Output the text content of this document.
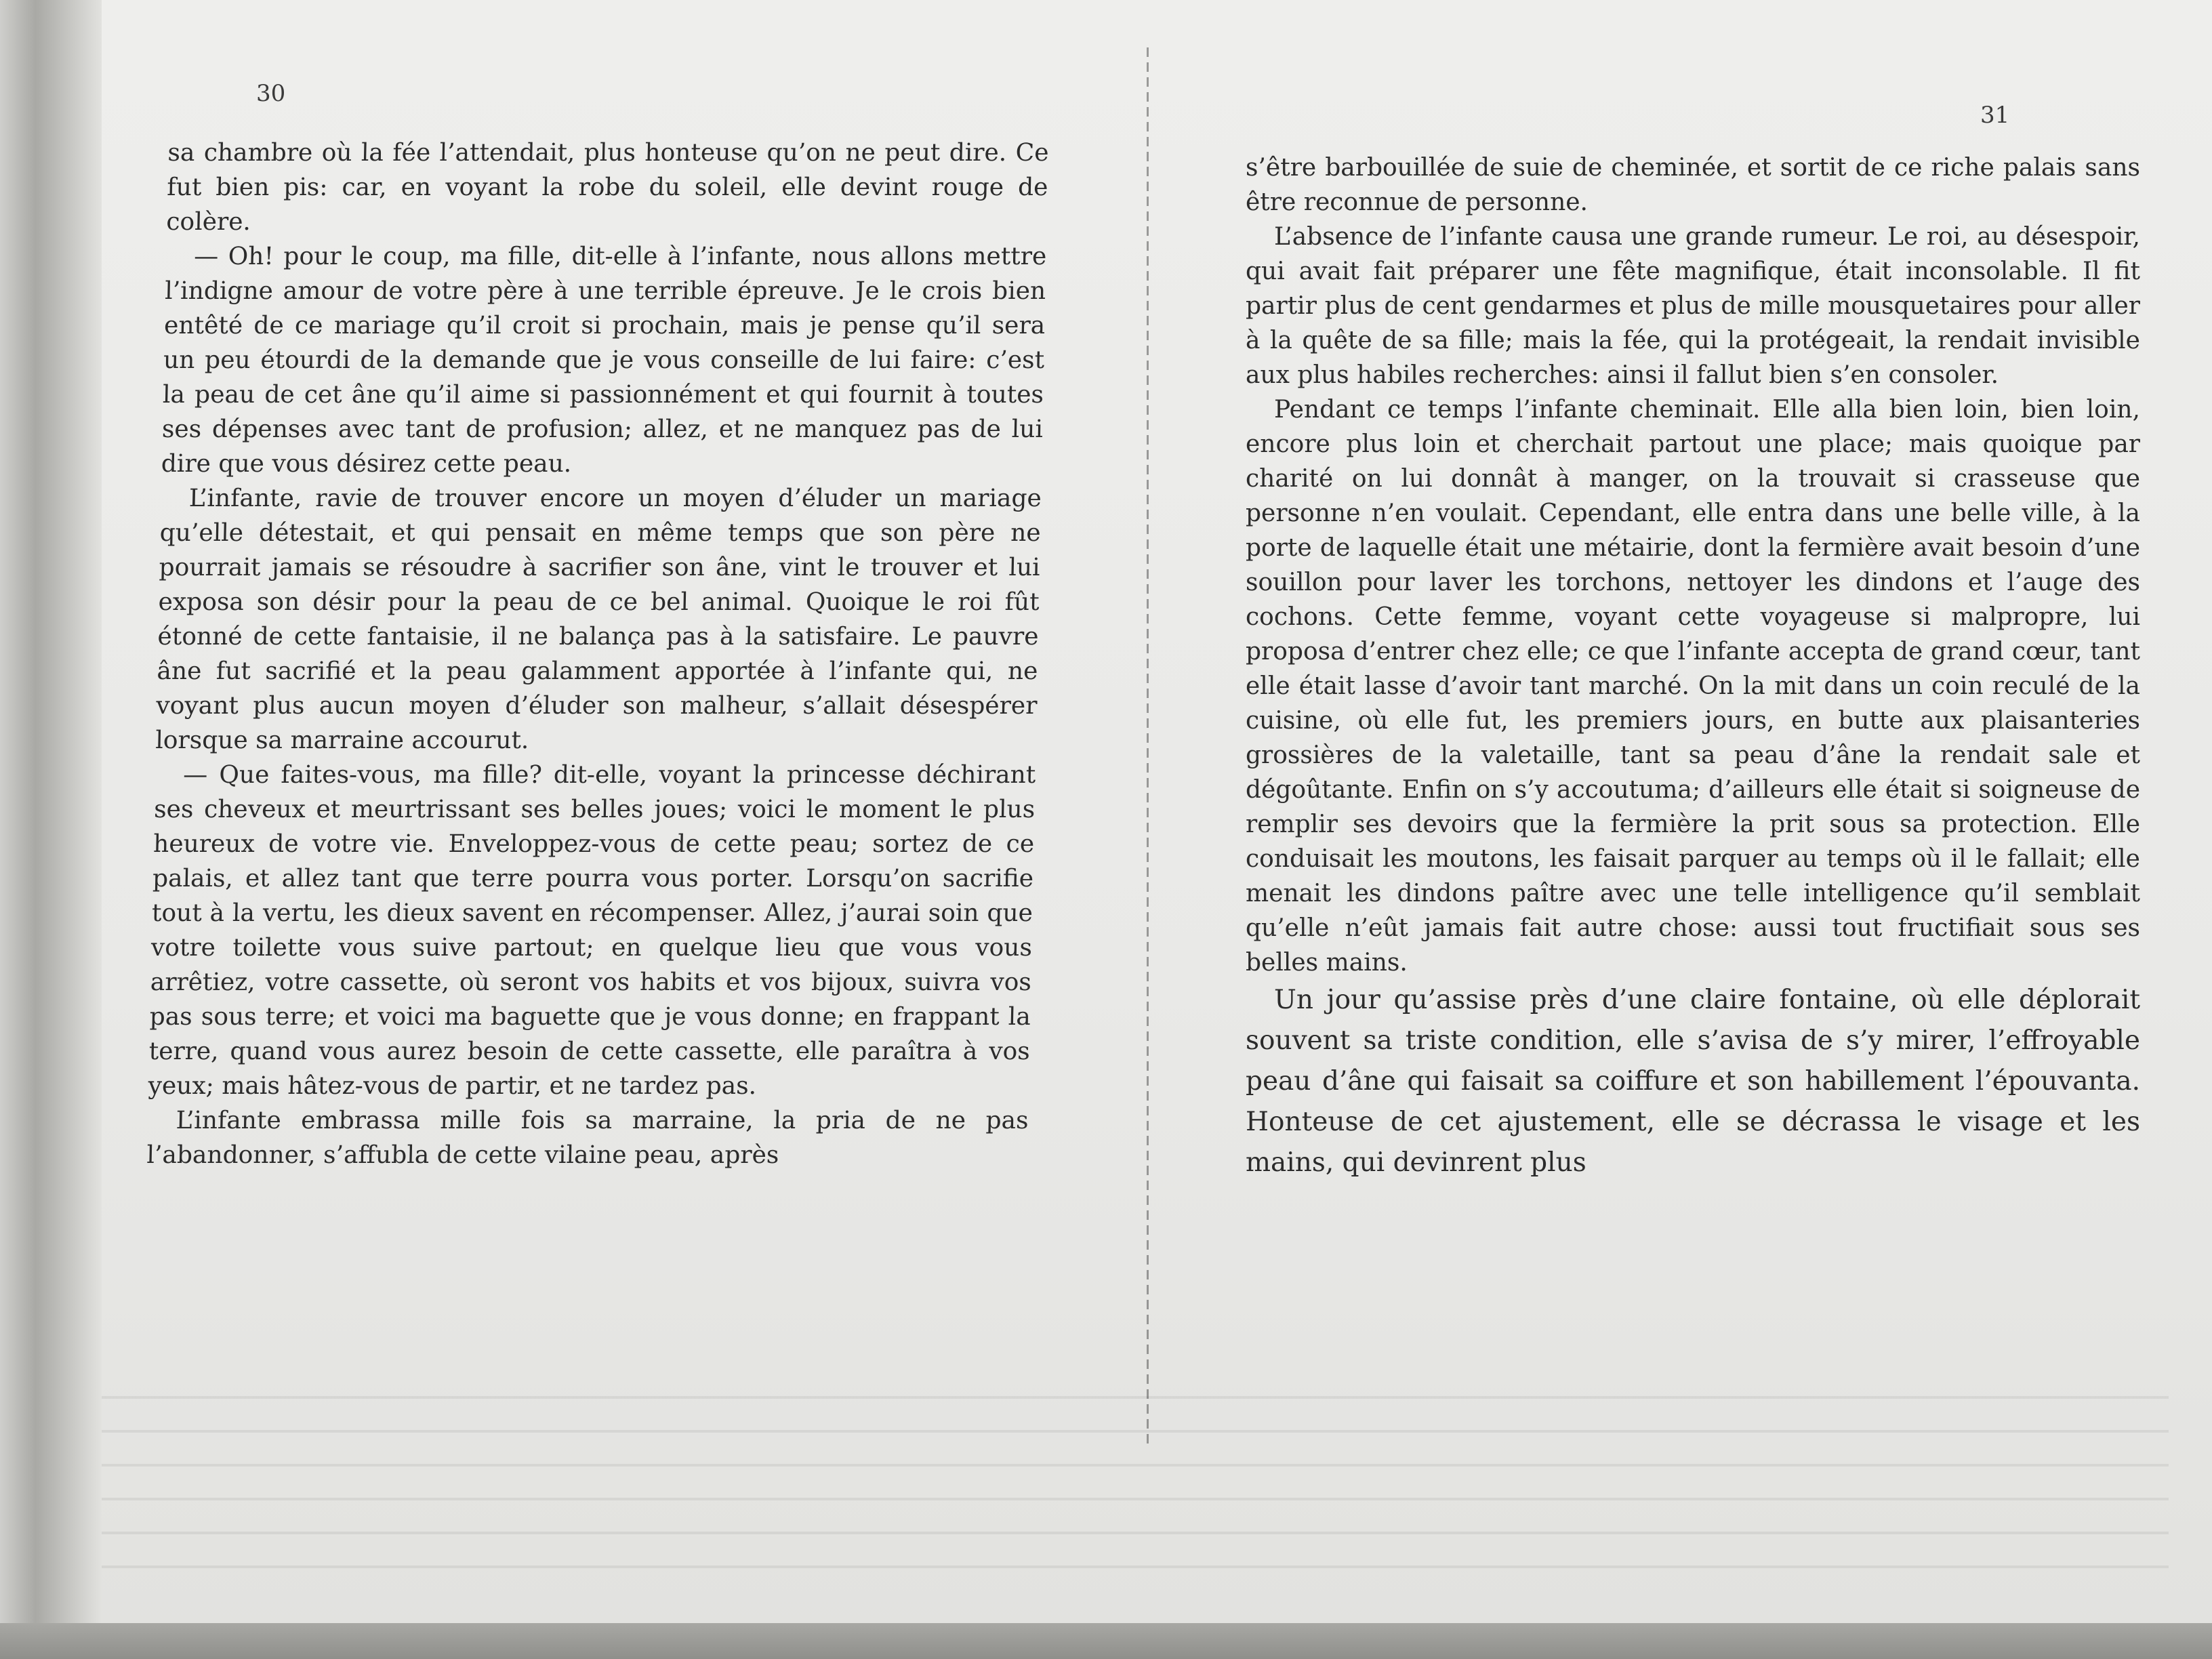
30
31

sa chambre où la fée l’attendait, plus honteuse qu’on ne peut dire. Ce fut bien pis: car, en voyant la robe du soleil, elle devint rouge de colère.

— Oh! pour le coup, ma fille, dit-elle à l’infante, nous allons mettre l’indigne amour de votre père à une terrible épreuve. Je le crois bien entêté de ce mariage qu’il croit si prochain, mais je pense qu’il sera un peu étourdi de la demande que je vous conseille de lui faire: c’est la peau de cet âne qu’il aime si passionnément et qui fournit à toutes ses dépenses avec tant de profusion; allez, et ne manquez pas de lui dire que vous désirez cette peau.

L’infante, ravie de trouver encore un moyen d’éluder un mariage qu’elle détestait, et qui pensait en même temps que son père ne pourrait jamais se résoudre à sacrifier son âne, vint le trouver et lui exposa son désir pour la peau de ce bel animal. Quoique le roi fût étonné de cette fantaisie, il ne balança pas à la satisfaire. Le pauvre âne fut sacrifié et la peau galamment apportée à l’infante qui, ne voyant plus aucun moyen d’éluder son malheur, s’allait désespérer lorsque sa marraine accourut.

— Que faites-vous, ma fille? dit-elle, voyant la princesse déchirant ses cheveux et meurtrissant ses belles joues; voici le moment le plus heureux de votre vie. Enveloppez-vous de cette peau; sortez de ce palais, et allez tant que terre pourra vous porter. Lorsqu’on sacrifie tout à la vertu, les dieux savent en récompenser. Allez, j’aurai soin que votre toilette vous suive partout; en quelque lieu que vous vous arrêtiez, votre cassette, où seront vos habits et vos bijoux, suivra vos pas sous terre; et voici ma baguette que je vous donne; en frappant la terre, quand vous aurez besoin de cette cassette, elle paraîtra à vos yeux; mais hâtez-vous de partir, et ne tardez pas.

L’infante embrassa mille fois sa marraine, la pria de ne pas l’abandonner, s’affubla de cette vilaine peau, après

s’être barbouillée de suie de cheminée, et sortit de ce riche palais sans être reconnue de personne.

L’absence de l’infante causa une grande rumeur. Le roi, au désespoir, qui avait fait préparer une fête magnifique, était inconsolable. Il fit partir plus de cent gendarmes et plus de mille mousquetaires pour aller à la quête de sa fille; mais la fée, qui la protégeait, la rendait invisible aux plus habiles recherches: ainsi il fallut bien s’en consoler.

Pendant ce temps l’infante cheminait. Elle alla bien loin, bien loin, encore plus loin et cherchait partout une place; mais quoique par charité on lui donnât à manger, on la trouvait si crasseuse que personne n’en voulait. Cependant, elle entra dans une belle ville, à la porte de laquelle était une métairie, dont la fermière avait besoin d’une souillon pour laver les torchons, nettoyer les dindons et l’auge des cochons. Cette femme, voyant cette voyageuse si malpropre, lui proposa d’entrer chez elle; ce que l’infante accepta de grand cœur, tant elle était lasse d’avoir tant marché. On la mit dans un coin reculé de la cuisine, où elle fut, les premiers jours, en butte aux plaisanteries grossières de la valetaille, tant sa peau d’âne la rendait sale et dégoûtante. Enfin on s’y accoutuma; d’ailleurs elle était si soigneuse de remplir ses devoirs que la fermière la prit sous sa protection. Elle conduisait les moutons, les faisait parquer au temps où il le fallait; elle menait les dindons paître avec une telle intelligence qu’il semblait qu’elle n’eût jamais fait autre chose: aussi tout fructifiait sous ses belles mains.

Un jour qu’assise près d’une claire fontaine, où elle déplorait souvent sa triste condition, elle s’avisa de s’y mirer, l’effroyable peau d’âne qui faisait sa coiffure et son habillement l’épouvanta. Honteuse de cet ajustement, elle se décrassa le visage et les mains, qui devinrent plus
